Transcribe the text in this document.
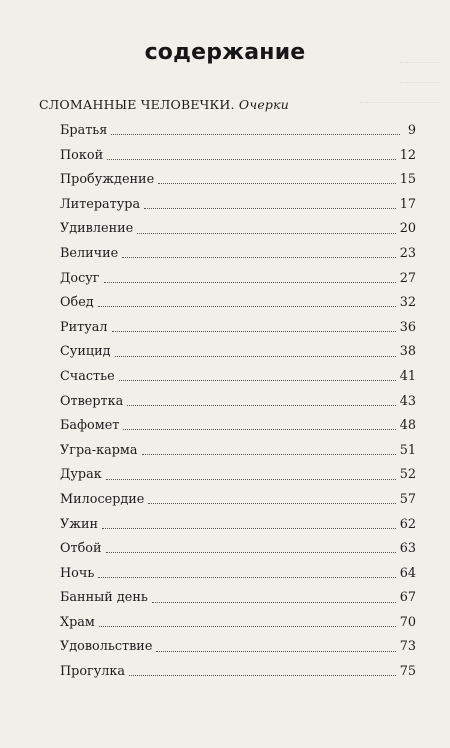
содержание
СЛОМАННЫЕ ЧЕЛОВЕЧКИ. Очерки
Братья	9
Покой	12
Пробуждение	15
Литература	17
Удивление	20
Величие	23
Досуг	27
Обед	32
Ритуал	36
Суицид	38
Счастье	41
Отвертка	43
Бафомет	48
Угра-карма	51
Дурак	52
Милосердие	57
Ужин	62
Отбой	63
Ночь	64
Банный день	67
Храм	70
Удовольствие	73
Прогулка	75
